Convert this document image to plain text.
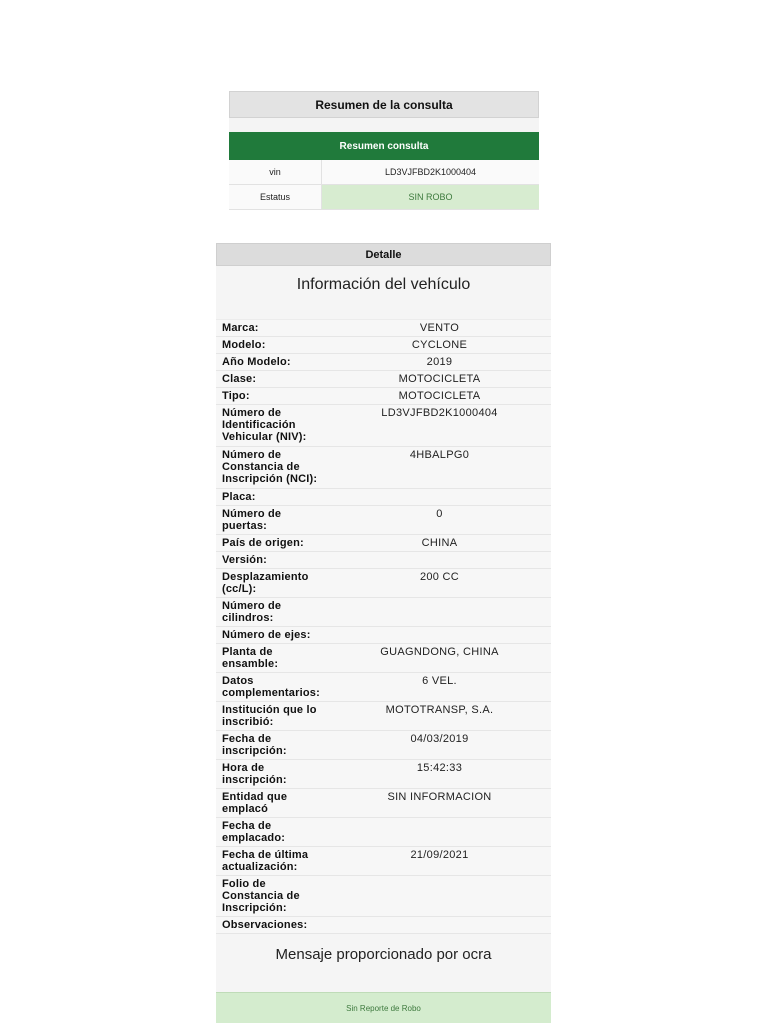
Resumen de la consulta
Resumen consulta
vin	LD3VJFBD2K1000404
Estatus	SIN ROBO
Detalle
Información del vehículo
Marca:	VENTO
Modelo:	CYCLONE
Año Modelo:	2019
Clase:	MOTOCICLETA
Tipo:	MOTOCICLETA
Número de Identificación Vehicular (NIV):
LD3VJFBD2K1000404
Número de Constancia de Inscripción (NCI):
4HBALPG0
Placa:
Número de puertas:
0
País de origen:	CHINA
Versión:
Desplazamiento (cc/L):
200 CC
Número de cilindros:
Número de ejes:
Planta de ensamble:
GUAGNDONG, CHINA
Datos complementarios:
6 VEL.
Institución que lo inscribió:
MOTOTRANSP, S.A.
Fecha de inscripción:
04/03/2019
Hora de inscripción:
15:42:33
Entidad que emplacó
SIN INFORMACION
Fecha de emplacado:
Fecha de última actualización:
21/09/2021
Folio de Constancia de Inscripción:
Observaciones:
Mensaje proporcionado por ocra
Sin Reporte de Robo
